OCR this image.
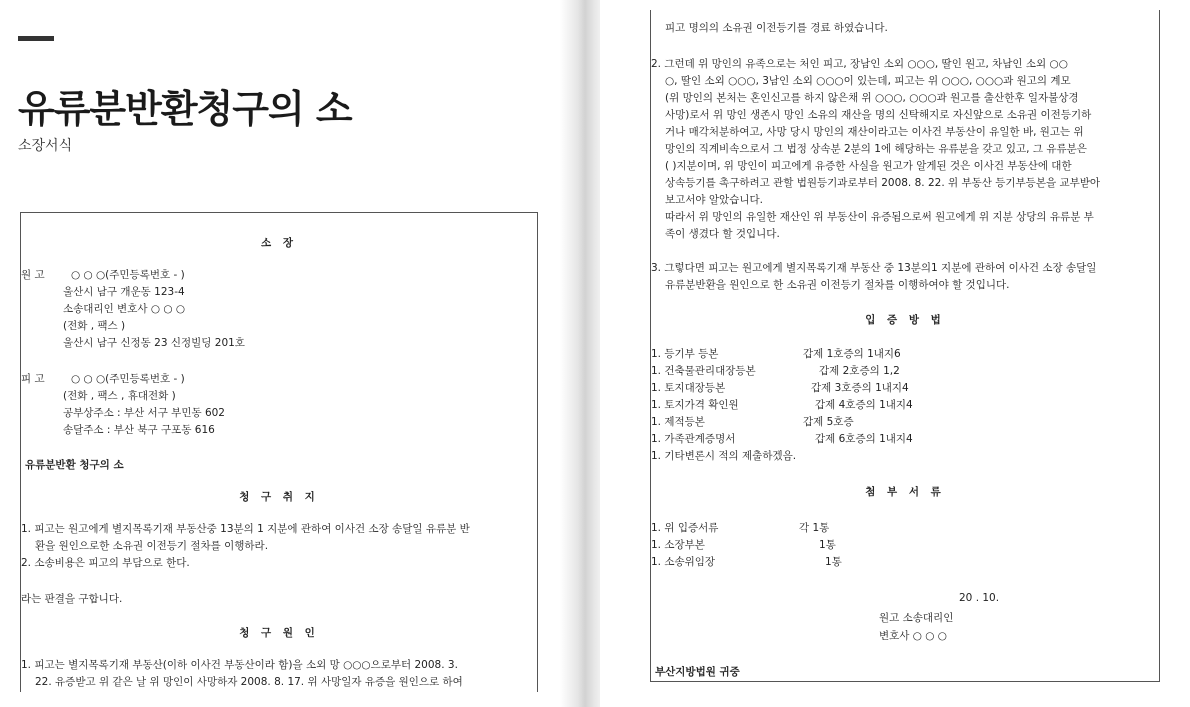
유류분반환청구의 소
소장서식
소 장
원 고	○ ○ ○(주민등록번호 - )
울산시 남구 개운동 123-4
소송대리인 변호사 ○ ○ ○
(전화 , 팩스 )
울산시 남구 신정동 23 신정빌딩 201호
피 고	○ ○ ○(주민등록번호 - )
(전화 , 팩스 , 휴대전화 )
공부상주소 : 부산 서구 부민동 602
송달주소 : 부산 북구 구포동 616
유류분반환 청구의 소
청 구 취 지
1. 피고는 원고에게 별지목록기재 부동산중 13분의 1 지분에 관하여 이사건 소장 송달일 유류분 반
환을 원인으로한 소유권 이전등기 절차를 이행하라.
2. 소송비용은 피고의 부담으로 한다.
라는 판결을 구합니다.
청 구 원 인
1. 피고는 별지목록기재 부동산(이하 이사건 부동산이라 함)을 소외 망 ○○○으로부터 2008. 3.
22. 유증받고 위 같은 날 위 망인이 사망하자 2008. 8. 17. 위 사망일자 유증을 원인으로 하여
피고 명의의 소유권 이전등기를 경료 하였습니다.
2. 그런데 위 망인의 유족으로는 처인 피고, 장남인 소외 ○○○, 딸인 원고, 차남인 소외 ○○
○, 딸인 소외 ○○○, 3남인 소외 ○○○이 있는데, 피고는 위 ○○○, ○○○과 원고의 계모
(위 망인의 본처는 혼인신고를 하지 않은채 위 ○○○, ○○○과 원고를 출산한후 일자불상경
사망)로서 위 망인 생존시 망인 소유의 재산을 명의 신탁해지로 자신앞으로 소유권 이전등기하
거나 매각처분하여고, 사망 당시 망인의 재산이라고는 이사건 부동산이 유일한 바, 원고는 위
망인의 직계비속으로서 그 법정 상속분 2분의 1에 해당하는 유류분을 갖고 있고, 그 유류분은
( )지분이며, 위 망인이 피고에게 유증한 사실을 원고가 알게된 것은 이사건 부동산에 대한
상속등기를 촉구하려고 관할 법원등기과로부터 2008. 8. 22. 위 부동산 등기부등본을 교부받아
보고서야 알았습니다.
따라서 위 망인의 유일한 재산인 위 부동산이 유증됨으로써 원고에게 위 지분 상당의 유류분 부
족이 생겼다 할 것입니다.
3. 그렇다면 피고는 원고에게 별지목록기재 부동산 중 13분의1 지분에 관하여 이사건 소장 송달일
유류분반환을 원인으로 한 소유권 이전등기 절차를 이행하여야 할 것입니다.
입 증 방 법
1. 등기부 등본	갑제 1호증의 1내지6
1. 건축물관리대장등본	갑제 2호증의 1,2
1. 토지대장등본	갑제 3호증의 1내지4
1. 토지가격 확인원	갑제 4호증의 1내지4
1. 제적등본	갑제 5호증
1. 가족관계증명서	갑제 6호증의 1내지4
1. 기타변론시 적의 제출하겠음.
첨 부 서 류
1. 위 입증서류	각 1통
1. 소장부본	1통
1. 소송위임장	1통
20 . 10.
원고 소송대리인
변호사 ○ ○ ○
부산지방법원 귀중
